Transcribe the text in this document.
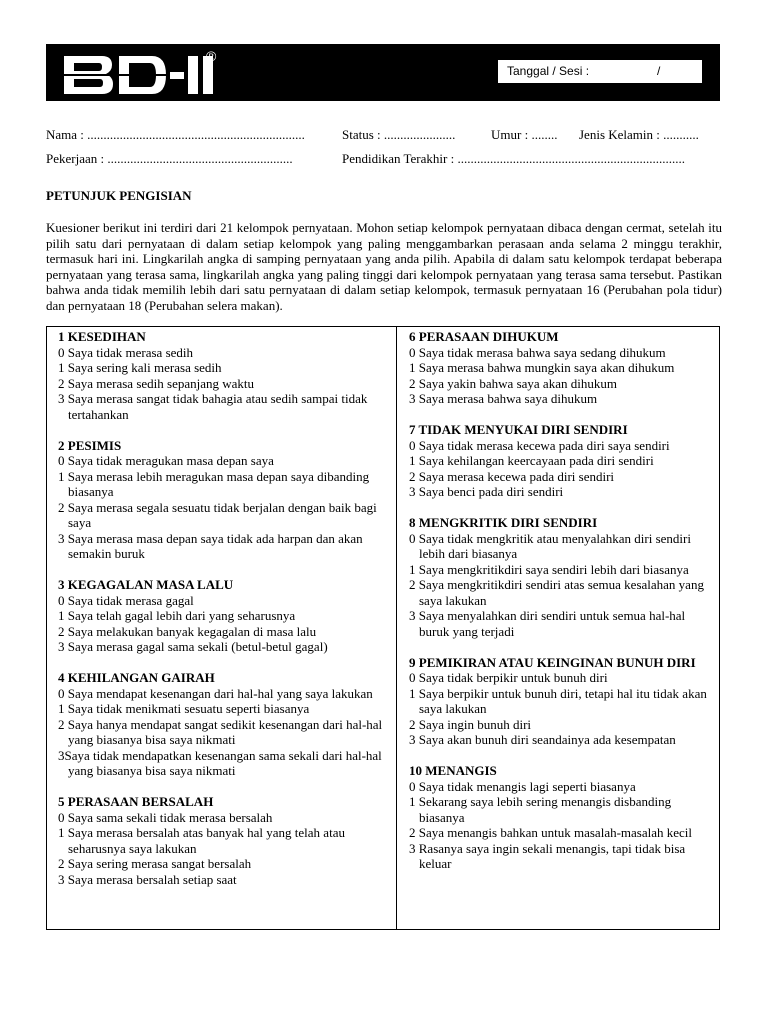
®
Tanggal / Sesi :	/
Nama : ...................................................................	Status : ......................	Umur : ........ Jenis Kelamin : ...........
Pekerjaan : .........................................................	Pendidikan Terakhir : ......................................................................
PETUNJUK PENGISIAN
Kuesioner berikut ini terdiri dari 21 kelompok pernyataan. Mohon setiap kelompok pernyataan dibaca dengan cermat, setelah itu pilih satu dari pernyataan di dalam setiap kelompok yang paling menggambarkan perasaan anda selama 2 minggu terakhir, termasuk hari ini. Lingkarilah angka di samping pernyataan yang anda pilih. Apabila di dalam satu kelompok terdapat beberapa pernyataan yang terasa sama, lingkarilah angka yang paling tinggi dari kelompok pernyataan yang terasa sama tersebut. Pastikan bahwa anda tidak memilih lebih dari satu pernyataan di dalam setiap kelompok, termasuk pernyataan 16 (Perubahan pola tidur) dan pernyataan 18 (Perubahan selera makan).
1 KESEDIHAN
0 Saya tidak merasa sedih
1 Saya sering kali merasa sedih
2 Saya merasa sedih sepanjang waktu
3 Saya merasa sangat tidak bahagia atau sedih sampai tidak tertahankan
2 PESIMIS
0 Saya tidak meragukan masa depan saya
1 Saya merasa lebih meragukan masa depan saya dibanding biasanya
2 Saya merasa segala sesuatu tidak berjalan dengan baik bagi saya
3 Saya merasa masa depan saya tidak ada harpan dan akan semakin buruk
3 KEGAGALAN MASA LALU
0 Saya tidak merasa gagal
1 Saya telah gagal lebih dari yang seharusnya
2 Saya melakukan banyak kegagalan di masa lalu
3 Saya merasa gagal sama sekali (betul-betul gagal)
4 KEHILANGAN GAIRAH
0 Saya mendapat kesenangan dari hal-hal yang saya lakukan
1 Saya tidak menikmati sesuatu seperti biasanya
2 Saya hanya mendapat sangat sedikit kesenangan dari hal-hal yang biasanya bisa saya nikmati
3Saya tidak mendapatkan kesenangan sama sekali dari hal-hal yang biasanya bisa saya nikmati
5 PERASAAN BERSALAH
0 Saya sama sekali tidak merasa bersalah
1 Saya merasa bersalah atas banyak hal yang telah atau seharusnya saya lakukan
2 Saya sering merasa sangat bersalah
3 Saya merasa bersalah setiap saat
6 PERASAAN DIHUKUM
0 Saya tidak merasa bahwa saya sedang dihukum
1 Saya merasa bahwa mungkin saya akan dihukum
2 Saya yakin bahwa saya akan dihukum
3 Saya merasa bahwa saya dihukum
7 TIDAK MENYUKAI DIRI SENDIRI
0 Saya tidak merasa kecewa pada diri saya sendiri
1 Saya kehilangan keercayaan pada diri sendiri
2 Saya merasa kecewa pada diri sendiri
3 Saya benci pada diri sendiri
8 MENGKRITIK DIRI SENDIRI
0 Saya tidak mengkritik atau menyalahkan diri sendiri lebih dari biasanya
1 Saya mengkritikdiri saya sendiri lebih dari biasanya
2 Saya mengkritikdiri sendiri atas semua kesalahan yang saya lakukan
3 Saya menyalahkan diri sendiri untuk semua hal-hal buruk yang terjadi
9 PEMIKIRAN ATAU KEINGINAN BUNUH DIRI
0 Saya tidak berpikir untuk bunuh diri
1 Saya berpikir untuk bunuh diri, tetapi hal itu tidak akan saya lakukan
2 Saya ingin bunuh diri
3 Saya akan bunuh diri seandainya ada kesempatan
10 MENANGIS
0 Saya tidak menangis lagi seperti biasanya
1 Sekarang saya lebih sering menangis disbanding biasanya
2 Saya menangis bahkan untuk masalah-masalah kecil
3 Rasanya saya ingin sekali menangis, tapi tidak bisa keluar
